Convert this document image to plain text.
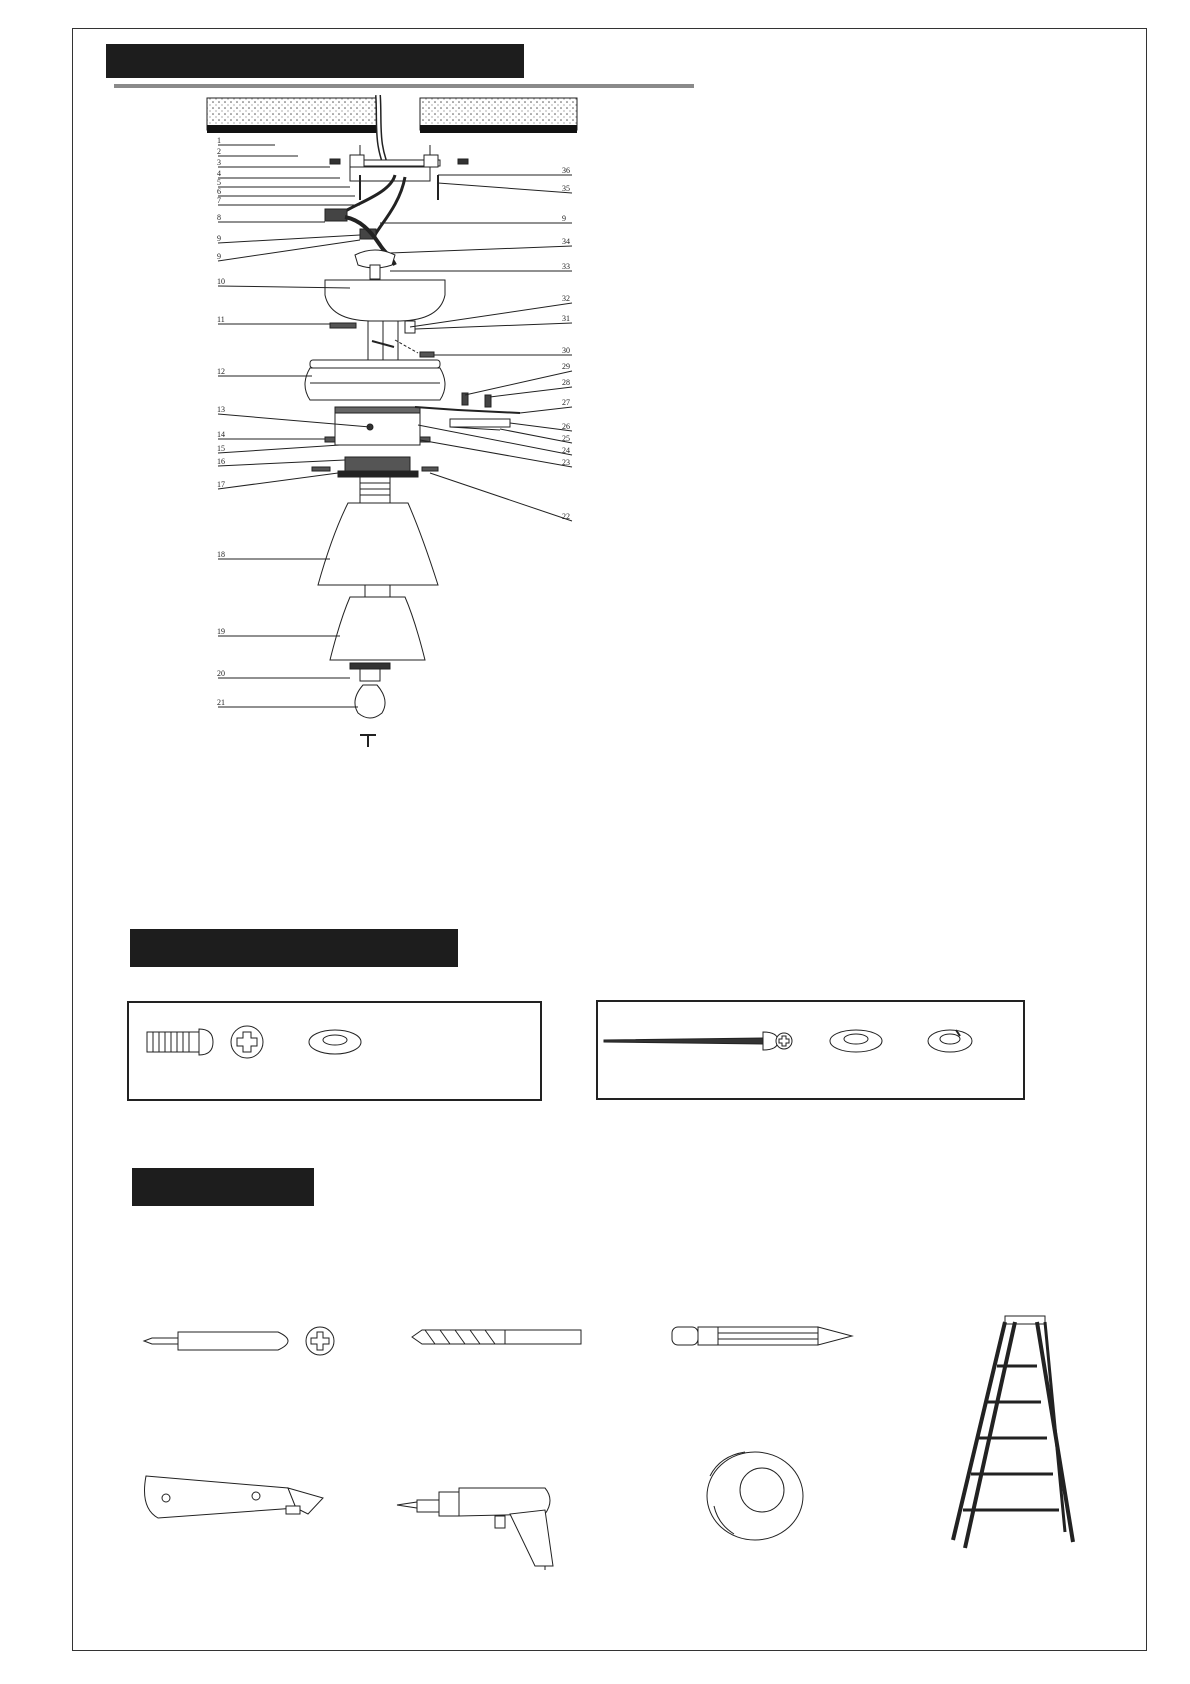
1
2
3
4
5
6
7
8
9
9
10
11
12
13
14
15
16
17
18
19
20
21
36
35
9
34
33
32
31
30
29
28
27
26
25
24
23
22
